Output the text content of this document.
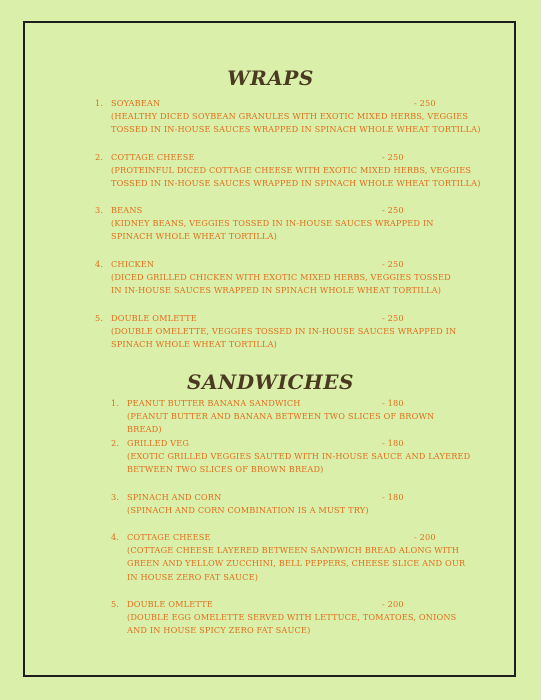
WRAPS
1. SOYABEAN	- 250
(HEALTHY DICED SOYBEAN GRANULES WITH EXOTIC MIXED HERBS, VEGGIES TOSSED IN IN-HOUSE SAUCES WRAPPED IN SPINACH WHOLE WHEAT TORTILLA)
2. COTTAGE CHEESE	- 250
(PROTEINFUL DICED COTTAGE CHEESE WITH EXOTIC MIXED HERBS, VEGGIES TOSSED IN IN-HOUSE SAUCES WRAPPED IN SPINACH WHOLE WHEAT TORTILLA)
3. BEANS	- 250
(KIDNEY BEANS, VEGGIES TOSSED IN IN-HOUSE SAUCES WRAPPED IN SPINACH WHOLE WHEAT TORTILLA)
4. CHICKEN	- 250
(DICED GRILLED CHICKEN WITH EXOTIC MIXED HERBS, VEGGIES TOSSED IN IN-HOUSE SAUCES WRAPPED IN SPINACH WHOLE WHEAT TORTILLA)
5. DOUBLE OMLETTE	- 250
(DOUBLE OMELETTE, VEGGIES TOSSED IN IN-HOUSE SAUCES WRAPPED IN SPINACH WHOLE WHEAT TORTILLA)
SANDWICHES
1. PEANUT BUTTER BANANA SANDWICH	- 180
(PEANUT BUTTER AND BANANA BETWEEN TWO SLICES OF BROWN BREAD)
2. GRILLED VEG	- 180
(EXOTIC GRILLED VEGGIES SAUTED WITH IN-HOUSE SAUCE AND LAYERED BETWEEN TWO SLICES OF BROWN BREAD)
3. SPINACH AND CORN	- 180
(SPINACH AND CORN COMBINATION IS A MUST TRY)
4. COTTAGE CHEESE	- 200
(COTTAGE CHEESE LAYERED BETWEEN SANDWICH BREAD ALONG WITH GREEN AND YELLOW ZUCCHINI, BELL PEPPERS, CHEESE SLICE AND OUR IN HOUSE ZERO FAT SAUCE)
5. DOUBLE OMLETTE	- 200
(DOUBLE EGG OMELETTE SERVED WITH LETTUCE, TOMATOES, ONIONS AND IN HOUSE SPICY ZERO FAT SAUCE)
